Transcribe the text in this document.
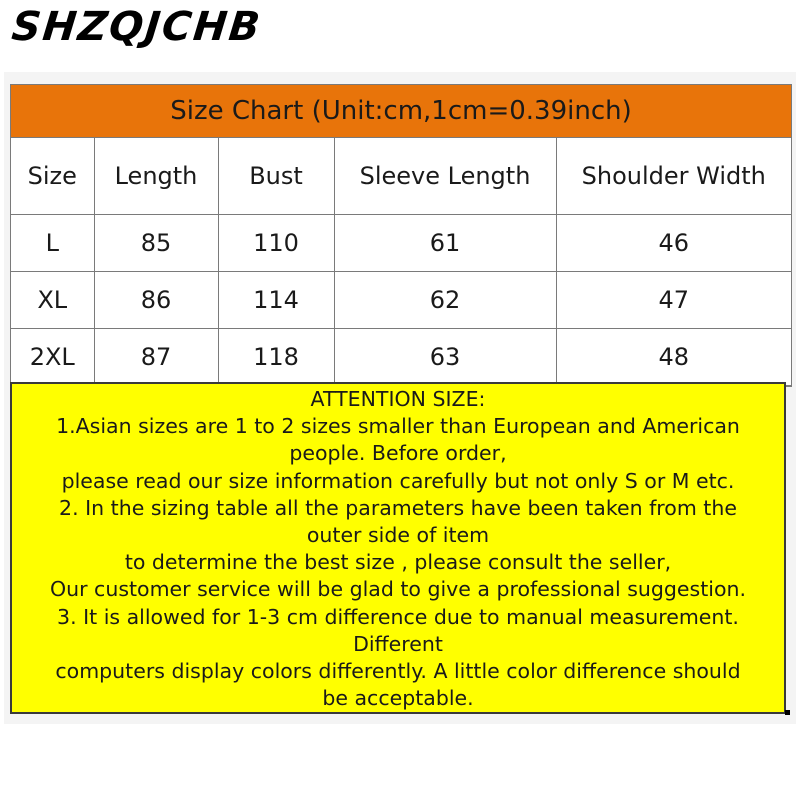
SHZQJCHB
Size Chart (Unit:cm,1cm=0.39inch)
Size	Length	Bust	Sleeve Length	Shoulder Width
L	85	110	61	46
XL	86	114	62	47
2XL	87	118	63	48
ATTENTION SIZE:
1.Asian sizes are 1 to 2 sizes smaller than European and American
people. Before order,
please read our size information carefully but not only S or M etc.
2. In the sizing table all the parameters have been taken from the
outer side of item
to determine the best size , please consult the seller,
Our customer service will be glad to give a professional suggestion.
3. It is allowed for 1-3 cm difference due to manual measurement.
Different
computers display colors differently. A little color difference should
be acceptable.
